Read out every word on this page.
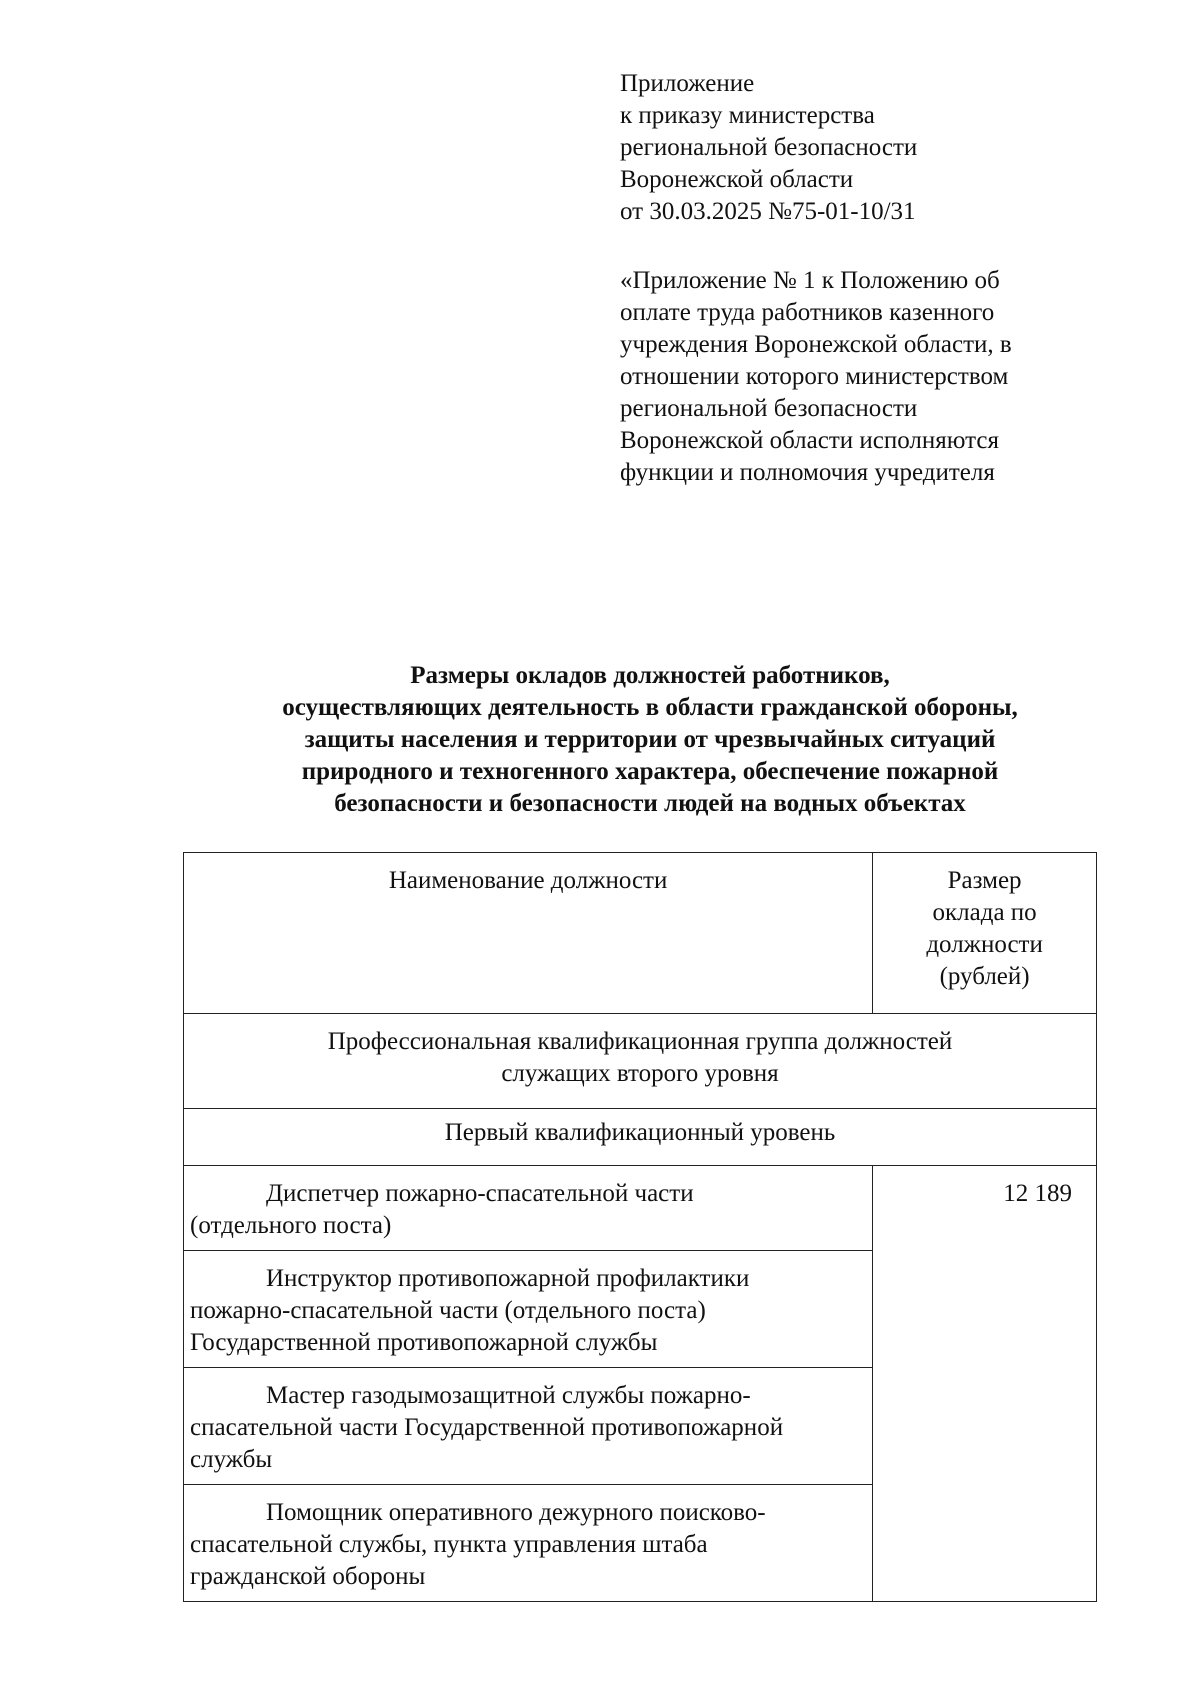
Приложение
к приказу министерства
региональной безопасности
Воронежской области
от 30.03.2025 №75-01-10/31
«Приложение № 1 к Положению об
оплате труда работников казенного
учреждения Воронежской области, в
отношении которого министерством
региональной безопасности
Воронежской области исполняются
функции и полномочия учредителя
Размеры окладов должностей работников,
осуществляющих деятельность в области гражданской обороны,
защиты населения и территории от чрезвычайных ситуаций
природного и техногенного характера, обеспечение пожарной
безопасности и безопасности людей на водных объектах
Наименование должности	Размер
оклада по
должности
(рублей)

Профессиональная квалификационная группа должностей
служащих второго уровня	

Первый квалификационный уровень	

Диспетчер пожарно-спасательной части
(отдельного поста)	12 189

Инструктор противопожарной профилактики
пожарно-спасательной части (отдельного поста)
Государственной противопожарной службы	

Мастер газодымозащитной службы пожарно-
спасательной части Государственной противопожарной
службы	

Помощник оперативного дежурного поисково-
спасательной службы, пункта управления штаба
гражданской обороны	
